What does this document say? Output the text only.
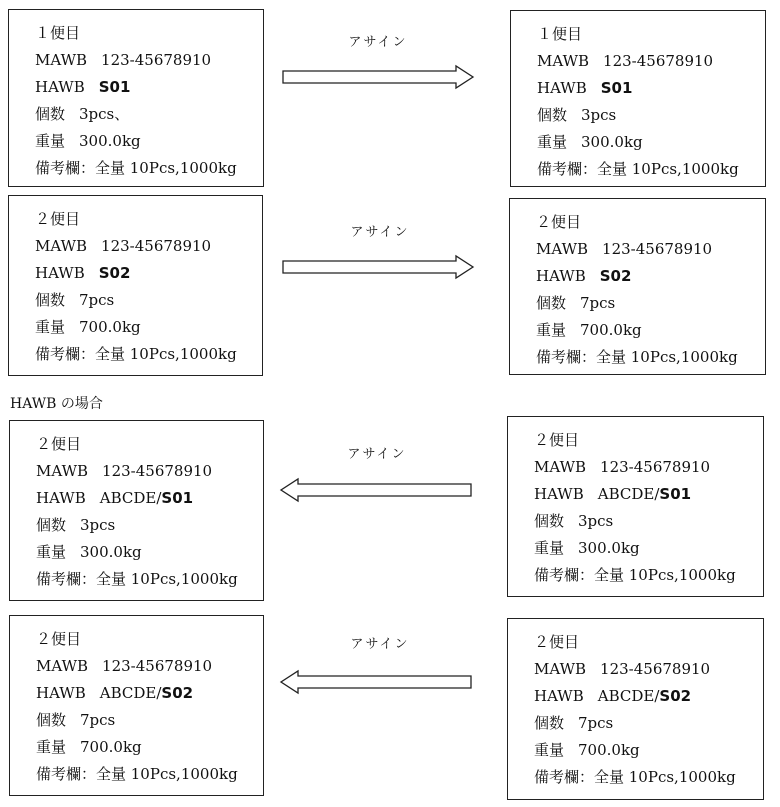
HAWB の場合
１便目
MAWB 123-45678910
HAWB S01
個数 3pcs、
重量 300.0kg
備考欄：全量 10Pcs,1000kg
アサイン	１便目
MAWB 123-45678910
HAWB S01
個数 3pcs
重量 300.0kg
備考欄：全量 10Pcs,1000kg
２便目
MAWB 123-45678910
HAWB S02
個数 7pcs
重量 700.0kg
備考欄：全量 10Pcs,1000kg
アサイン
２便目
MAWB 123-45678910
HAWB S02
個数 7pcs
重量 700.0kg
備考欄：全量 10Pcs,1000kg
２便目
MAWB 123-45678910
HAWB ABCDE/S01
個数 3pcs
重量 300.0kg
備考欄：全量 10Pcs,1000kg
アサイン
２便目
MAWB 123-45678910
HAWB ABCDE/S01
個数 3pcs
重量 300.0kg
備考欄：全量 10Pcs,1000kg
２便目
MAWB 123-45678910
HAWB ABCDE/S02
個数 7pcs
重量 700.0kg
備考欄：全量 10Pcs,1000kg
アサイン	２便目
MAWB 123-45678910
HAWB ABCDE/S02
個数 7pcs
重量 700.0kg
備考欄：全量 10Pcs,1000kg
